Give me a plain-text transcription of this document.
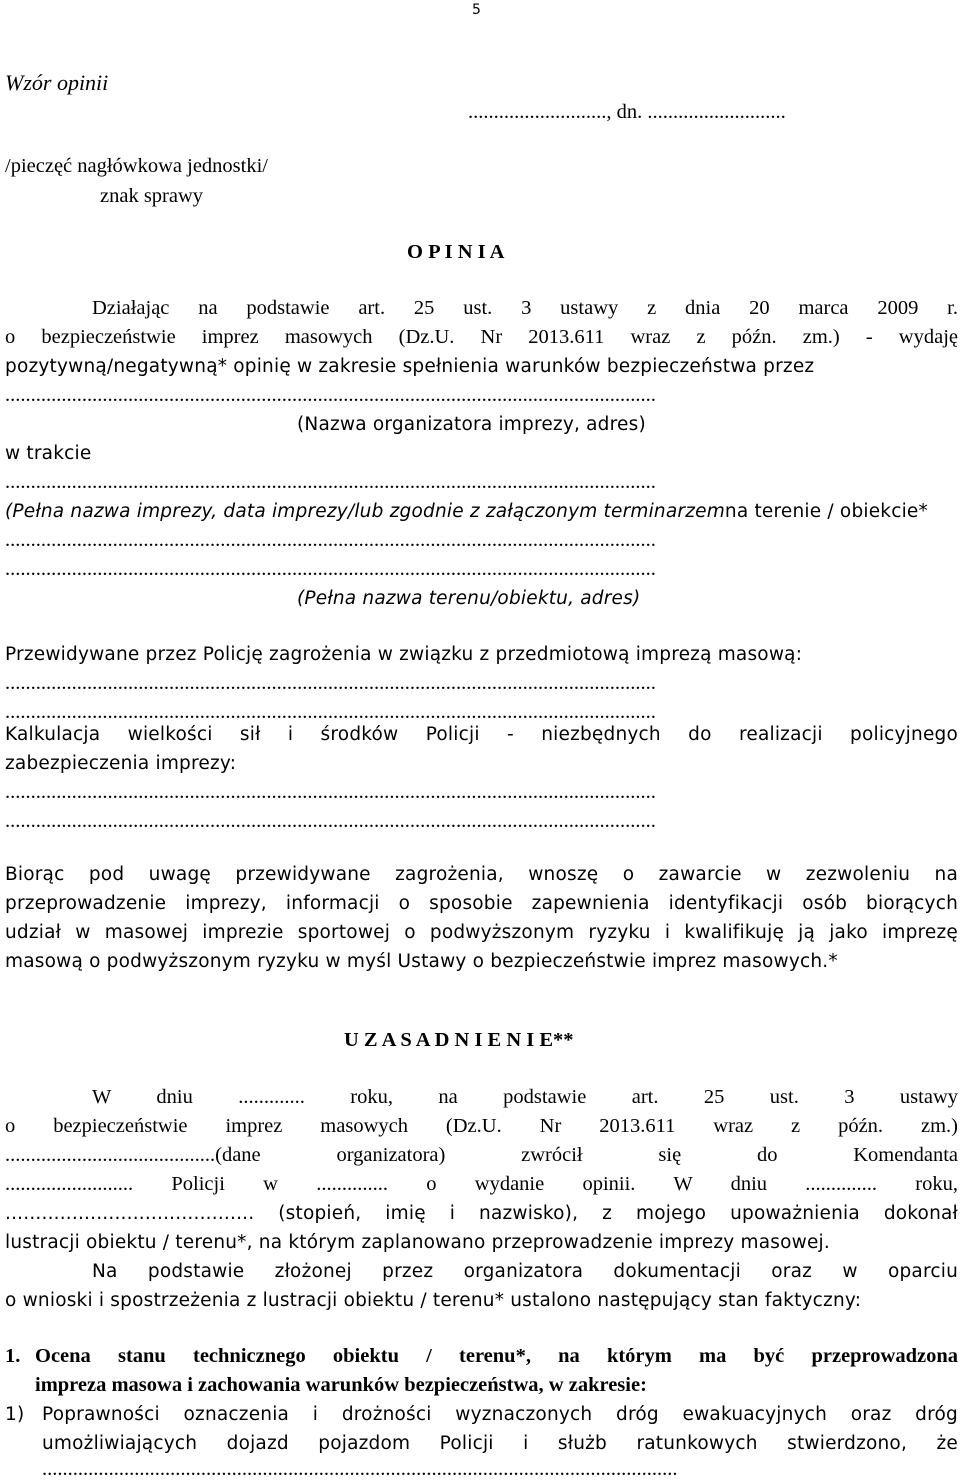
5
Wzór opinii
..........................., dn. ...........................
/pieczęć nagłówkowa jednostki/
znak sprawy
O P I N I A
Działając na podstawie art. 25 ust. 3 ustawy z dnia 20 marca 2009 r.
o bezpieczeństwie imprez masowych (Dz.U. Nr 2013.611 wraz z późn. zm.) - wydaję
pozytywną/negatywną* opinię w zakresie spełnienia warunków bezpieczeństwa przez
...............................................................................................................................
(Nazwa organizatora imprezy, adres)
w trakcie
...............................................................................................................................
(Pełna nazwa imprezy, data imprezy/lub zgodnie z załączonym terminarzemna terenie / obiekcie*
...............................................................................................................................
...............................................................................................................................
(Pełna nazwa terenu/obiektu, adres)
Przewidywane przez Policję zagrożenia w związku z przedmiotową imprezą masową:
...............................................................................................................................
...............................................................................................................................
Kalkulacja wielkości sił i środków Policji - niezbędnych do realizacji policyjnego
zabezpieczenia imprezy:
...............................................................................................................................
...............................................................................................................................
Biorąc pod uwagę przewidywane zagrożenia, wnoszę o zawarcie w zezwoleniu na
przeprowadzenie imprezy, informacji o sposobie zapewnienia identyfikacji osób biorących
udział w masowej imprezie sportowej o podwyższonym ryzyku i kwalifikuję ją jako imprezę
masową o podwyższonym ryzyku w myśl Ustawy o bezpieczeństwie imprez masowych.*
U Z A S A D N I E N I E**
W dniu ............. roku, na podstawie art. 25 ust. 3 ustawy
o bezpieczeństwie imprez masowych (Dz.U. Nr 2013.611 wraz z późn. zm.)
.........................................(dane organizatora) zwrócił się do Komendanta
......................... Policji w .............. o wydanie opinii. W dniu .............. roku,
......................................... (stopień, imię i nazwisko), z mojego upoważnienia dokonał
lustracji obiektu / terenu*, na którym zaplanowano przeprowadzenie imprezy masowej.
Na podstawie złożonej przez organizatora dokumentacji oraz w oparciu
o wnioski i spostrzeżenia z lustracji obiektu / terenu* ustalono następujący stan faktyczny:
1. Ocena stanu technicznego obiektu / terenu*, na którym ma być przeprowadzona
impreza masowa i zachowania warunków bezpieczeństwa, w zakresie:
1) Poprawności oznaczenia i drożności wyznaczonych dróg ewakuacyjnych oraz dróg
umożliwiających dojazd pojazdom Policji i służb ratunkowych stwierdzono, że
............................................................................................................................
